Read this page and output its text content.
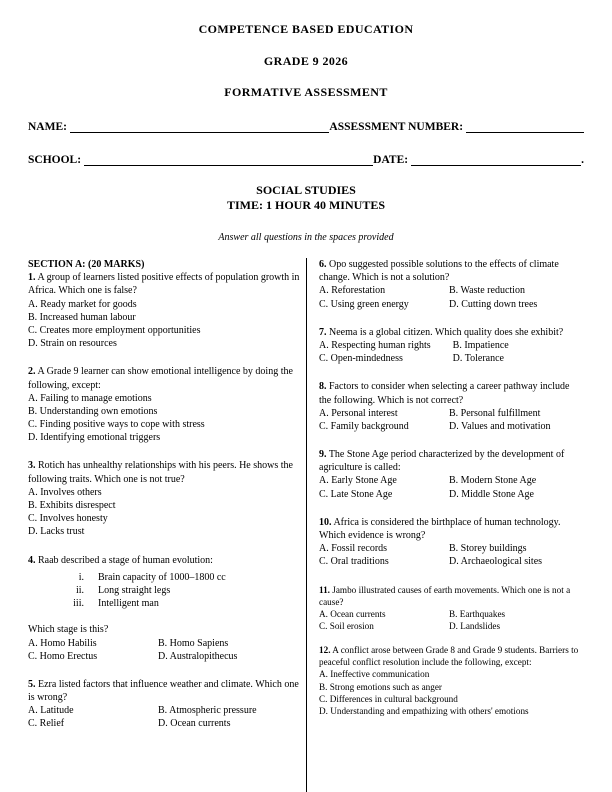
COMPETENCE BASED EDUCATION
GRADE 9 2026
FORMATIVE ASSESSMENT
NAME:	ASSESSMENT NUMBER:
SCHOOL:	DATE:	.
SOCIAL STUDIES
TIME: 1 HOUR 40 MINUTES
Answer all questions in the spaces provided
SECTION A: (20 MARKS)
1. A group of learners listed positive effects of population growth in Africa. Which one is false?
A. Ready market for goods
B. Increased human labour
C. Creates more employment opportunities
D. Strain on resources
2. A Grade 9 learner can show emotional intelligence by doing the following, except:
A. Failing to manage emotions
B. Understanding own emotions
C. Finding positive ways to cope with stress
D. Identifying emotional triggers
3. Rotich has unhealthy relationships with his peers. He shows the following traits. Which one is not true?
A. Involves others
B. Exhibits disrespect
C. Involves honesty
D. Lacks trust
4. Raab described a stage of human evolution:
i. Brain capacity of 1000–1800 cc
ii. Long straight legs
iii. Intelligent man
Which stage is this?
A. Homo Habilis	B. Homo Sapiens
C. Homo Erectus	D. Australopithecus
5. Ezra listed factors that influence weather and climate. Which one is wrong?
A. Latitude	B. Atmospheric pressure
C. Relief	D. Ocean currents
6. Opo suggested possible solutions to the effects of climate change. Which is not a solution?
A. Reforestation	B. Waste reduction
C. Using green energy	D. Cutting down trees
7. Neema is a global citizen. Which quality does she exhibit?
A. Respecting human rights B. Impatience
C. Open-mindedness	D. Tolerance
8. Factors to consider when selecting a career pathway include the following. Which is not correct?
A. Personal interest	B. Personal fulfillment
C. Family background	D. Values and motivation
9. The Stone Age period characterized by the development of agriculture is called:
A. Early Stone Age	B. Modern Stone Age
C. Late Stone Age	D. Middle Stone Age
10. Africa is considered the birthplace of human technology. Which evidence is wrong?
A. Fossil records	B. Storey buildings
C. Oral traditions	D. Archaeological sites
11. Jambo illustrated causes of earth movements. Which one is not a cause?
A. Ocean currents	B. Earthquakes
C. Soil erosion	D. Landslides
12. A conflict arose between Grade 8 and Grade 9 students. Barriers to peaceful conflict resolution include the following, except:
A. Ineffective communication
B. Strong emotions such as anger
C. Differences in cultural background
D. Understanding and empathizing with others' emotions
